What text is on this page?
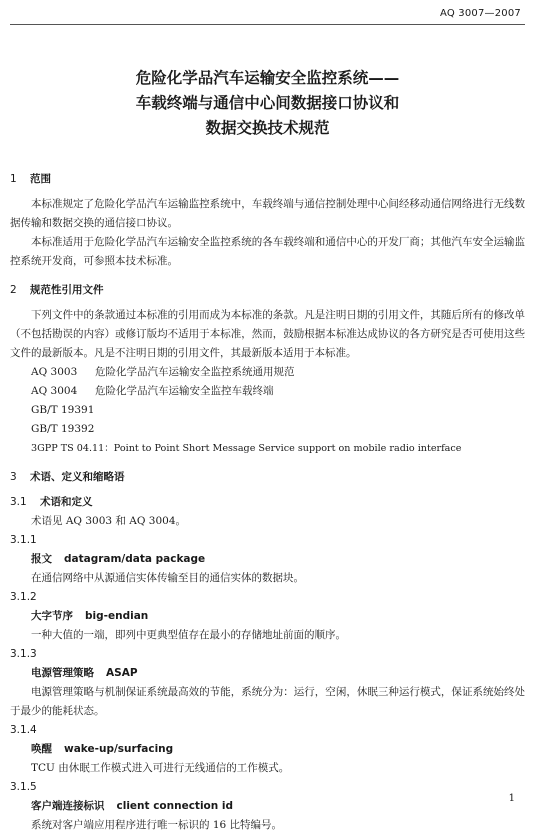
AQ 3007—2007
危险化学品汽车运输安全监控系统——
车载终端与通信中心间数据接口协议和
数据交换技术规范
1 范围
本标准规定了危险化学品汽车运输监控系统中，车载终端与通信控制处理中心间经移动通信网络进行无线数据传输和数据交换的通信接口协议。
本标准适用于危险化学品汽车运输安全监控系统的各车载终端和通信中心的开发厂商；其他汽车安全运输监控系统开发商，可参照本技术标准。
2 规范性引用文件
下列文件中的条款通过本标准的引用而成为本标准的条款。凡是注明日期的引用文件，其随后所有的修改单（不包括勘误的内容）或修订版均不适用于本标准，然而，鼓励根据本标准达成协议的各方研究是否可使用这些文件的最新版本。凡是不注明日期的引用文件，其最新版本适用于本标准。
AQ 3003 危险化学品汽车运输安全监控系统通用规范
AQ 3004 危险化学品汽车运输安全监控车载终端
GB/T 19391
GB/T 19392
3GPP TS 04.11：Point to Point Short Message Service support on mobile radio interface
3 术语、定义和缩略语
3.1 术语和定义
术语见 AQ 3003 和 AQ 3004。
3.1.1
报文 datagram/data package
在通信网络中从源通信实体传输至目的通信实体的数据块。
3.1.2
大字节序 big-endian
一种大值的一端，即列中更典型值存在最小的存储地址前面的顺序。
3.1.3
电源管理策略 ASAP
电源管理策略与机制保证系统最高效的节能，系统分为：运行，空闲，休眠三种运行模式，保证系统始终处于最少的能耗状态。
3.1.4
唤醒 wake-up/surfacing
TCU 由休眠工作模式进入可进行无线通信的工作模式。
3.1.5
客户端连接标识 client connection id
系统对客户端应用程序进行唯一标识的 16 比特编号。
1
